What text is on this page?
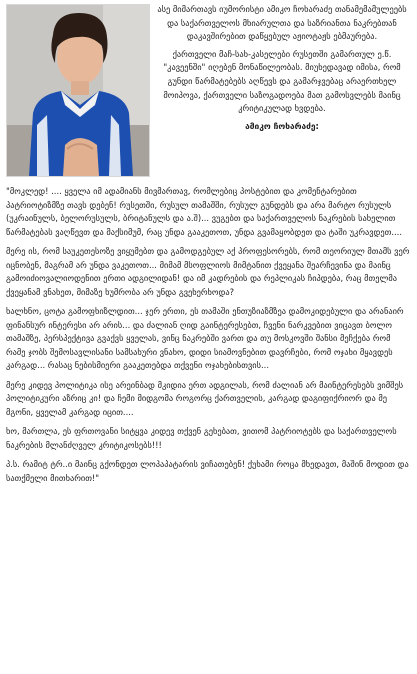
ასე მიმართავს იუმორისტი ამიკო ჩოხარაძე თანამემამულეებს და საქართველოს მხიარულთა და საზრიანთა ნაკრებთან დაკავშირებით დაწყებულ აჟიოტაჟს ებმაურება.

ქართველი მაჩ-სახ-კასელები რუსეთში გამართულ ე.წ. "კავეენში" იღებენ მონაწილეობას. მიუხედავად იმისა, რომ გუნდი წარმატებებს აღწევს და გამარჯვებაც არაერთხელ მოიპოვა, ქართველი საზოგადოება მათ გამოსვლებს მაინც კრიტიკულად ხვდება.

ამიკო ჩოხარაძე:

"მოკლედ! .... ყველა იმ ადამიანს მივმართავ, რომლებიც პოსტებით და კომენტარებით პატრიოტიზმზე თავს დებენ! რუსეთში, რუსულ თამაშში, რუსულ გუნდებს და არა მარტო რუსულს (უკრაინულს, ბელორუსულს, ბრიტანულს და ა.შ)... ვუგებთ და საქართველოს ნაკრების სახელით წარმატებას ვაღწევთ და მაქსიმუმ, რაც უნდა გააკეთოთ, უნდა გვამაყობდეთ და ტაში უკრავდეთ....

მერე ის, რომ საუკეთესოზე ვიყუმებთ და გამოდგებულ აქ პროფესორებს, რომ თეორიულ მთამს ვერ იცნობენ, მაგრამ არ უნდა ვაკეთოთ... მიმამ მსოფლიოს მიმტანით ქვეყანა შეარჩევინა და მაინც გამოიძიოვალიოდენით ერთი ადგილიდან! და იმ კადრების და რეპლიკას ჩიპდება, რაც მთელმა ქვეყანამ ვნახეთ, მიმაზე ხუმრობა არ უნდა გვეხერხოდა?

ხალხნო, ცოტა გამოფხიზლდით... ჯერ ერთი, ეს თამაში ენთუზიაზმზეა დამოკიდებული და არანაირ ფინანსურ ინტერესი არ არის... და ძალიან ღიდ გაინტერესებთ, ჩვენი ნარკვებით ვიცავთ ბოლო თამაშზე, პერსპექტივა გვაქვს ყველას, ვინც ნაკრებში ვართ და თუ მოსკოვში შანსი მეჩქება რომ რამე ჯობს შემოსავლისანი სამსახური ვნახო, დიდი სიამოვნებით დავრჩები, რომ ოჯახი მყავდეს კარგად... რასაც ნებისმიერი გააკეთებდა თქვენი ოჯახებისთვის...

მერე კიდევ პოლიტიკა ისე არეინბად მკიდია ერთ ადგილას, რომ ძალიან არ მაინტერესებს ვიმშეს პოლიტიკური აზრიც კი! და ჩემი მიდგომა როგორც ქართველის, კარგად დაგიფიქრიორ და მე მგონი, ყველამ კარგად იცით....

ხო, მართლა, ეს ფრთოვანი სიტყვა კიდევ თქვენ გეხებათ, ვითომ პატრიოტებს და საქართველოს ნაკრების მლანძღველ კრიტიკოსებს!!!

პ.ს. რამიტ ტრ..ი მაინც გქონდეთ ლოპაპატარის ვიჩათებენ! ქუხამი როცა მხედავთ, მაშინ მოდით და სათქმელი მითხარით!"
